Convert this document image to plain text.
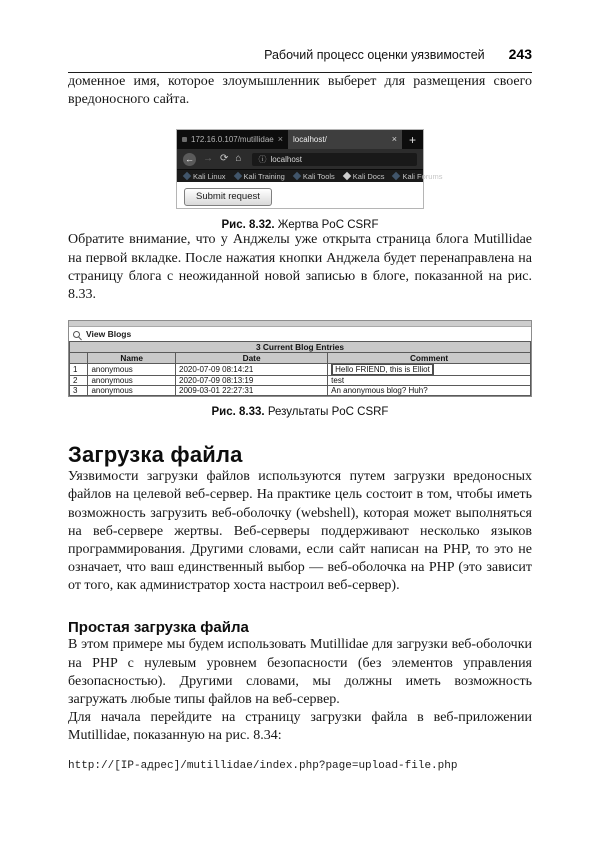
Рабочий процесс оценки уязвимостей 243

доменное имя, которое злоумышленник выберет для размещения своего вредоносного сайта.

172.16.0.107/mutillidae × localhost/	×	+
← → ⟳ ⌂ ⓘ localhost
Kali Linux Kali Training Kali Tools Kali Docs Kali Forums
Submit request
Рис. 8.32. Жертва PoC CSRF

Обратите внимание, что у Анджелы уже открыта страница блога Mutillidae на первой вкладке. После нажатия кнопки Анджела будет перенаправлена на страницу блога с неожиданной новой записью в блоге, показанной на рис. 8.33.

View Blogs
3 Current Blog Entries			
	Name	Date	Comment
1	anonymous	2020-07-09 08:14:21	Hello FRIEND, this is Elliot
2	anonymous	2020-07-09 08:13:19	test
3	anonymous	2009-03-01 22:27:31	An anonymous blog? Huh?
Рис. 8.33. Результаты PoC CSRF
Загрузка файла

Уязвимости загрузки файлов используются путем загрузки вредоносных файлов на целевой веб-сервер. На практике цель состоит в том, чтобы иметь возможность загрузить веб-оболочку (webshell), которая может выполняться на веб-сервере жертвы. Веб-серверы поддерживают несколько языков программирования. Другими словами, если сайт написан на PHP, то это не означает, что ваш единственный выбор — веб-оболочка на PHP (это зависит от того, как администратор хоста настроил веб-сервер).

Простая загрузка файла

В этом примере мы будем использовать Mutillidae для загрузки веб-оболочки на PHP с нулевым уровнем безопасности (без элементов управления безопасностью). Другими словами, мы должны иметь возможность загружать любые типы файлов на веб-сервер.

Для начала перейдите на страницу загрузки файла в веб-приложении Mutillidae, показанную на рис. 8.34:

http://[IP-адрес]/mutillidae/index.php?page=upload-file.php
